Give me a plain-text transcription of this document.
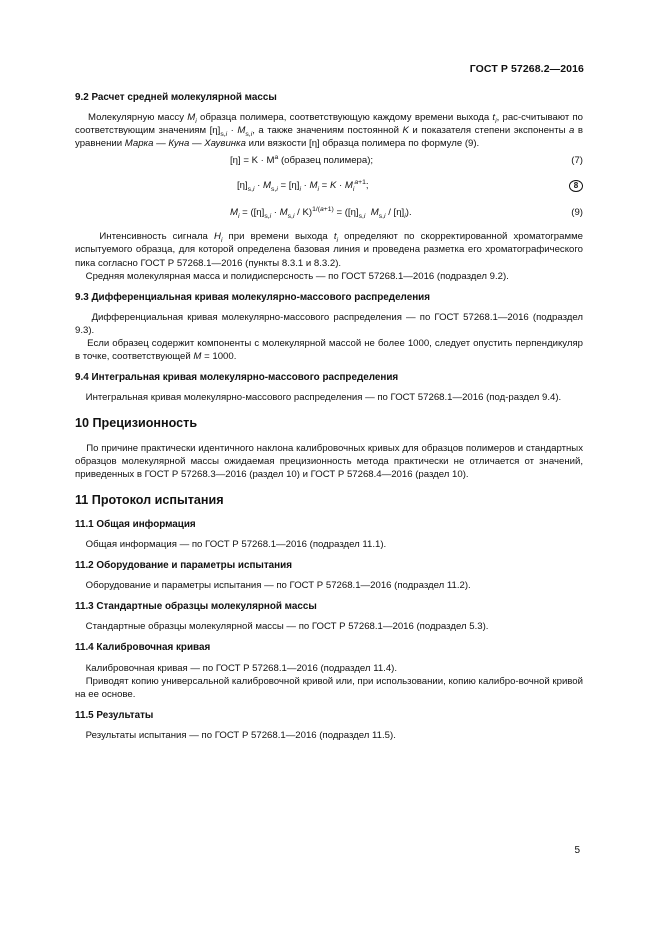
ГОСТ Р 57268.2—2016
9.2 Расчет средней молекулярной массы

Молекулярную массу $M_i$ образца полимера, соответствующую каждому времени выхода $t_i$, рас-считывают по соответствующим значениям $[\eta]_{s,i} \cdot M_{s,i}$, а также значениям постоянной K и показателя степени экспоненты a в уравнении Марка — Куна — Хаувинка или вязкости [η] образца полимера по формуле (9).

$[\eta] = K \cdot M^a$ (образец полимера);	(7)
$[\eta]_{s,i} \cdot M_{s,i} = [\eta]_i \cdot M_i = K \cdot M_i^{a+1}$;	8
$M_i = ([\eta]_{s,i} \cdot M_{s,i} / K)^{1/(a+1)} = ([\eta]_{s,i}$ $M_{s,i} / [\eta]_i$).	(9)

Интенсивность сигнала $H_i$ при времени выхода $t_i$ определяют по скорректированной хроматограмме испытуемого образца, для которой определена базовая линия и проведена разметка его хроматографического пика согласно ГОСТ Р 57268.1—2016 (пункты 8.3.1 и 8.3.2).

Средняя молекулярная масса и полидисперсность — по ГОСТ 57268.1—2016 (подраздел 9.2).

9.3 Дифференциальная кривая молекулярно-массового распределения

Дифференциальная кривая молекулярно-массового распределения — по ГОСТ 57268.1—2016 (подраздел 9.3).

Если образец содержит компоненты с молекулярной массой не более 1000, следует опустить перпендикуляр в точке, соответствующей M = 1000.

9.4 Интегральная кривая молекулярно-массового распределения

Интегральная кривая молекулярно-массового распределения — по ГОСТ 57268.1—2016 (под-раздел 9.4).

10 Прецизионность

По причине практически идентичного наклона калибровочных кривых для образцов полимеров и стандартных образцов молекулярной массы ожидаемая прецизионность метода практически не отличается от значений, приведенных в ГОСТ Р 57268.3—2016 (раздел 10) и ГОСТ Р 57268.4—2016 (раздел 10).

11 Протокол испытания
11.1 Общая информация

Общая информация — по ГОСТ Р 57268.1—2016 (подраздел 11.1).

11.2 Оборудование и параметры испытания

Оборудование и параметры испытания — по ГОСТ Р 57268.1—2016 (подраздел 11.2).

11.3 Стандартные образцы молекулярной массы

Стандартные образцы молекулярной массы — по ГОСТ Р 57268.1—2016 (подраздел 5.3).

11.4 Калибровочная кривая

Калибровочная кривая — по ГОСТ Р 57268.1—2016 (подраздел 11.4).

Приводят копию универсальной калибровочной кривой или, при использовании, копию калибро-вочной кривой на ее основе.

11.5 Результаты

Результаты испытания — по ГОСТ Р 57268.1—2016 (подраздел 11.5).

5
